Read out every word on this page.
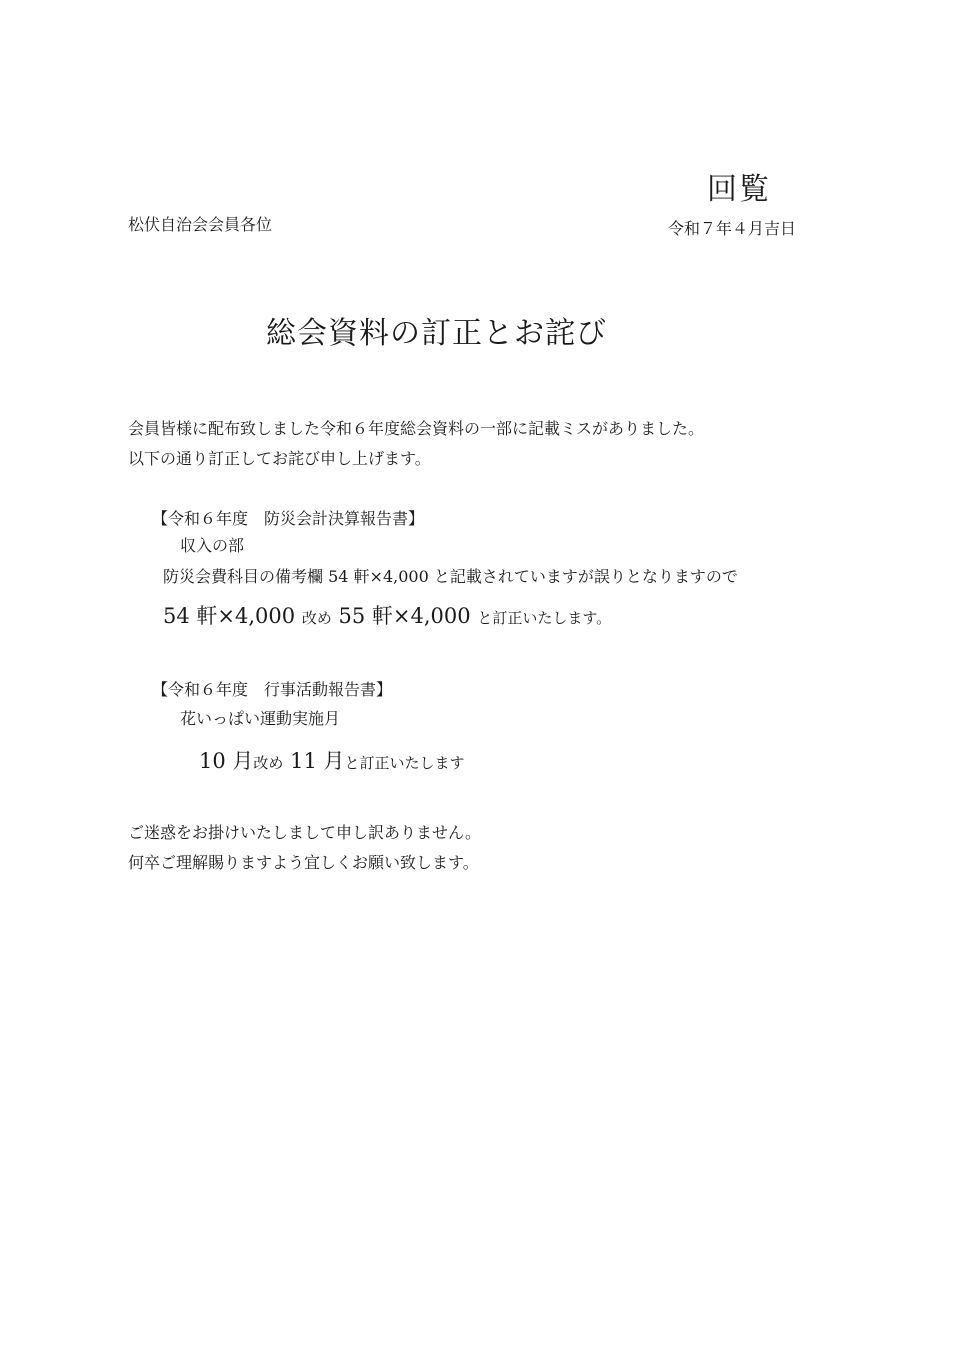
回覧
松伏自治会会員各位	令和７年４月吉日
総会資料の訂正とお詫び
会員皆様に配布致しました令和６年度総会資料の一部に記載ミスがありました。
以下の通り訂正してお詫び申し上げます。
【令和６年度　防災会計決算報告書】
収入の部
防災会費科目の備考欄 54 軒×4,000 と記載されていますが誤りとなりますので
54 軒×4,000 改め 55 軒×4,000 と訂正いたします。
【令和６年度　行事活動報告書】
花いっぱい運動実施月
10 月改め 11 月と訂正いたします
ご迷惑をお掛けいたしまして申し訳ありません。
何卒ご理解賜りますよう宜しくお願い致します。
